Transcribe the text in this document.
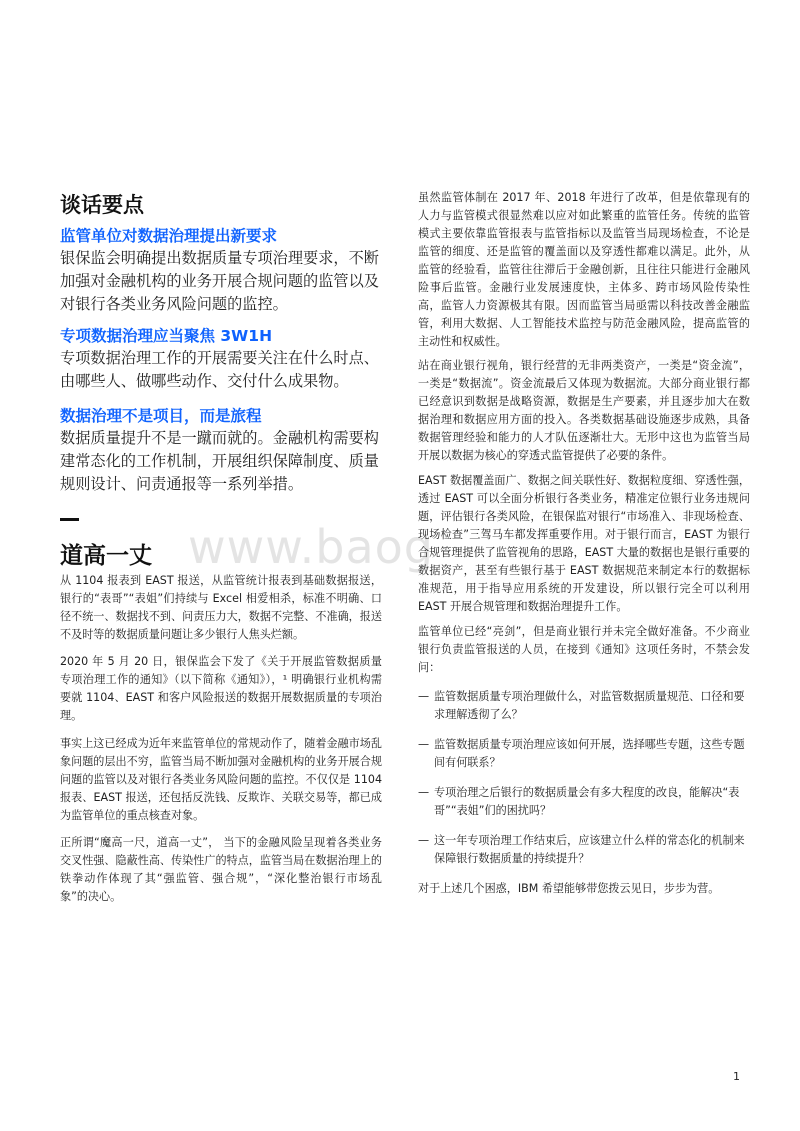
www.baog
谈话要点
监管单位对数据治理提出新要求
银保监会明确提出数据质量专项治理要求，不断加强对金融机构的业务开展合规问题的监管以及对银行各类业务风险问题的监控。
专项数据治理应当聚焦 3W1H
专项数据治理工作的开展需要关注在什么时点、由哪些人、做哪些动作、交付什么成果物。
数据治理不是项目，而是旅程
数据质量提升不是一蹴而就的。金融机构需要构建常态化的工作机制，开展组织保障制度、质量规则设计、问责通报等一系列举措。
道高一丈
从 1104 报表到 EAST 报送，从监管统计报表到基础数据报送，银行的“表哥”“表姐”们持续与 Excel 相爱相杀，标准不明确、口径不统一、数据找不到、问责压力大，数据不完整、不准确，报送不及时等的数据质量问题让多少银行人焦头烂额。
2020 年 5 月 20 日，银保监会下发了《关于开展监管数据质量专项治理工作的通知》（以下简称《通知》），¹ 明确银行业机构需要就 1104、EAST 和客户风险报送的数据开展数据质量的专项治理。
事实上这已经成为近年来监管单位的常规动作了，随着金融市场乱象问题的层出不穷，监管当局不断加强对金融机构的业务开展合规问题的监管以及对银行各类业务风险问题的监控。不仅仅是 1104 报表、EAST 报送，还包括反洗钱、反欺诈、关联交易等，都已成为监管单位的重点核查对象。
正所谓“魔高一尺，道高一丈”， 当下的金融风险呈现着各类业务交叉性强、隐蔽性高、传染性广的特点，监管当局在数据治理上的铁拳动作体现了其“强监管、强合规”，“深化整治银行市场乱象”的决心。
虽然监管体制在 2017 年、2018 年进行了改革，但是依靠现有的人力与监管模式很显然难以应对如此繁重的监管任务。传统的监管模式主要依靠监管报表与监管指标以及监管当局现场检查，不论是监管的细度、还是监管的覆盖面以及穿透性都难以满足。此外，从监管的经验看，监管往往滞后于金融创新，且往往只能进行金融风险事后监管。金融行业发展速度快，主体多、跨市场风险传染性高，监管人力资源极其有限。因而监管当局亟需以科技改善金融监管，利用大数据、人工智能技术监控与防范金融风险，提高监管的主动性和权威性。
站在商业银行视角，银行经营的无非两类资产，一类是“资金流”，一类是“数据流”。资金流最后又体现为数据流。大部分商业银行都已经意识到数据是战略资源，数据是生产要素，并且逐步加大在数据治理和数据应用方面的投入。各类数据基础设施逐步成熟，具备数据管理经验和能力的人才队伍逐渐壮大。无形中这也为监管当局开展以数据为核心的穿透式监管提供了必要的条件。
EAST 数据覆盖面广、数据之间关联性好、数据粒度细、穿透性强，透过 EAST 可以全面分析银行各类业务，精准定位银行业务违规问题，评估银行各类风险，在银保监对银行“市场准入、非现场检查、现场检查”三驾马车都发挥重要作用。对于银行而言，EAST 为银行合规管理提供了监管视角的思路，EAST 大量的数据也是银行重要的数据资产，甚至有些银行基于 EAST 数据规范来制定本行的数据标准规范，用于指导应用系统的开发建设，所以银行完全可以利用 EAST 开展合规管理和数据治理提升工作。
监管单位已经“亮剑”，但是商业银行并未完全做好准备。不少商业银行负责监管报送的人员，在接到《通知》这项任务时，不禁会发问：
— 监管数据质量专项治理做什么，对监管数据质量规范、口径和要求理解透彻了么？
— 监管数据质量专项治理应该如何开展，选择哪些专题，这些专题间有何联系？
— 专项治理之后银行的数据质量会有多大程度的改良，能解决“表哥”“表姐”们的困扰吗？
— 这一年专项治理工作结束后，应该建立什么样的常态化的机制来保障银行数据质量的持续提升？
对于上述几个困惑，IBM 希望能够带您拨云见日，步步为营。
1
